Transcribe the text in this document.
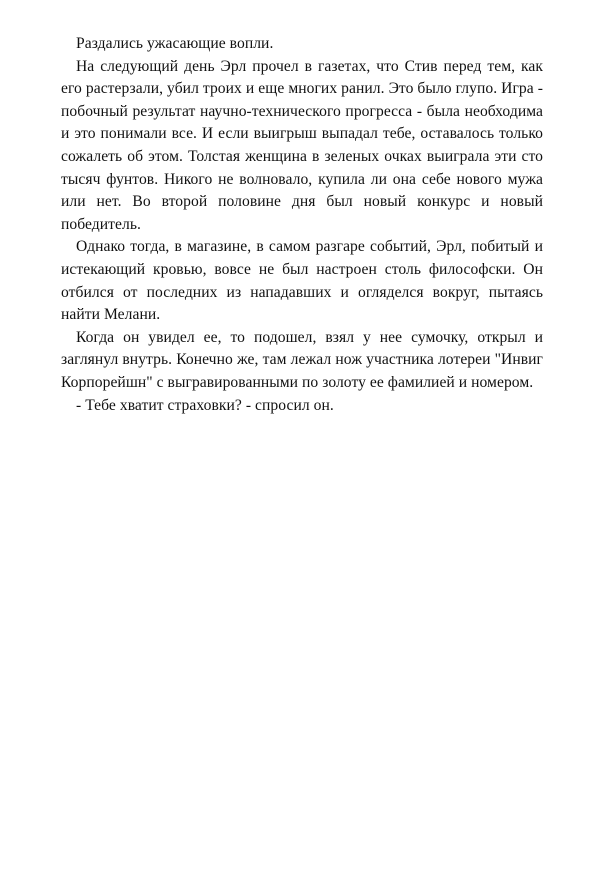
Раздались ужасающие вопли.

На следующий день Эрл прочел в газетах, что Стив перед тем, как его растерзали, убил троих и еще многих ранил. Это было глупо. Игра - побочный результат научно-технического прогресса - была необходима и это понимали все. И если выигрыш выпадал тебе, оставалось только сожалеть об этом. Толстая женщина в зеленых очках выиграла эти сто тысяч фунтов. Никого не волновало, купила ли она себе нового мужа или нет. Во второй половине дня был новый конкурс и новый победитель.

Однако тогда, в магазине, в самом разгаре событий, Эрл, побитый и истекающий кровью, вовсе не был настроен столь философски. Он отбился от последних из нападавших и огляделся вокруг, пытаясь найти Мелани.

Когда он увидел ее, то подошел, взял у нее сумочку, открыл и заглянул внутрь. Конечно же, там лежал нож участника лотереи "Инвиг Корпорейшн" с выгравированными по золоту ее фамилией и номером.

- Тебе хватит страховки? - спросил он.
